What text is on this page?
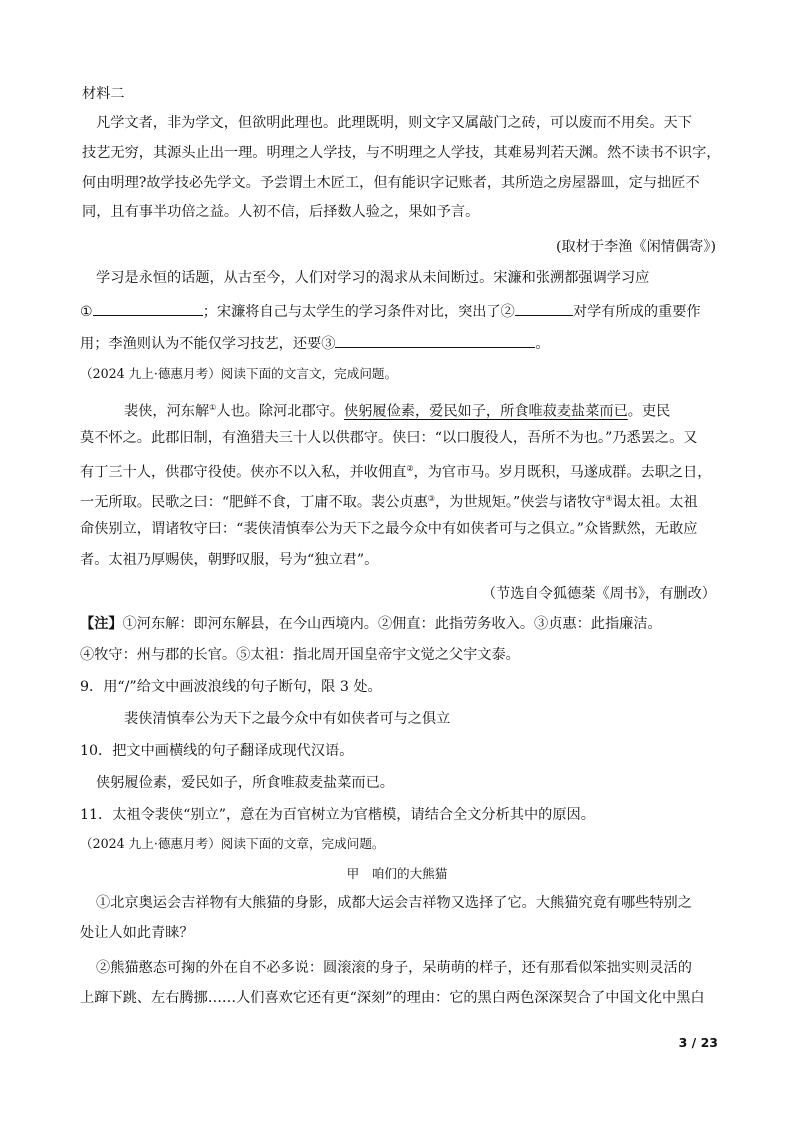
材料二
凡学文者，非为学文，但欲明此理也。此理既明，则文字又属敲门之砖，可以废而不用矣。天下
技艺无穷，其源头止出一理。明理之人学技，与不明理之人学技，其难易判若天渊。然不读书不识字，
何由明理?故学技必先学文。予尝谓土木匠工，但有能识字记账者，其所造之房屋器皿，定与拙匠不
同，且有事半功倍之益。人初不信，后择数人验之，果如予言。
(取材于李渔《闲情偶寄》)
学习是永恒的话题，从古至今，人们对学习的渴求从未间断过。宋濂和张溯都强调学习应
①	；宋濂将自己与太学生的学习条件对比，突出了②	对学有所成的重要作
用；李渔则认为不能仅学习技艺，还要③	。
（2024 九上·德惠月考）阅读下面的文言文，完成问题。
裴侠，河东解①人也。除河北郡守。侠躬履俭素，爱民如子，所食唯菽麦盐菜而已。吏民
莫不怀之。此郡旧制，有渔猎夫三十人以供郡守。侠曰：“以口腹役人，吾所不为也。”乃悉罢之。又
有丁三十人，供郡守役使。侠亦不以入私，并收佣直②，为官市马。岁月既积，马遂成群。去职之日，
一无所取。民歌之曰：“肥鲜不食，丁庸不取。裴公贞惠③，为世规矩。”侠尝与诸牧守④谒太祖。太祖
命侠别立，谓诸牧守曰：“裴侠清慎奉公为天下之最今众中有如侠者可与之俱立。”众皆默然，无敢应
者。太祖乃厚赐侠，朝野叹服，号为“独立君”。
（节选自令狐德棻《周书》，有删改）
【注】①河东解：即河东解县，在今山西境内。②佣直：此指劳务收入。③贞惠：此指廉洁。
④牧守：州与郡的长官。⑤太祖：指北周开国皇帝宇文觉之父宇文泰。
9．用“/”给文中画波浪线的句子断句，限 3 处。
裴侠清慎奉公为天下之最今众中有如侠者可与之俱立
10．把文中画横线的句子翻译成现代汉语。
侠躬履俭素，爱民如子，所食唯菽麦盐菜而已。
11．太祖令裴侠“别立”，意在为百官树立为官楷模，请结合全文分析其中的原因。
（2024 九上·德惠月考）阅读下面的文章，完成问题。
甲　咱们的大熊猫
①北京奥运会吉祥物有大熊猫的身影，成都大运会吉祥物又选择了它。大熊猫究竟有哪些特别之
处让人如此青睐？
②熊猫憨态可掬的外在自不必多说：圆滚滚的身子，呆萌萌的样子，还有那看似笨拙实则灵活的
上蹿下跳、左右腾挪……人们喜欢它还有更“深刻”的理由：它的黑白两色深深契合了中国文化中黑白
3 / 23
